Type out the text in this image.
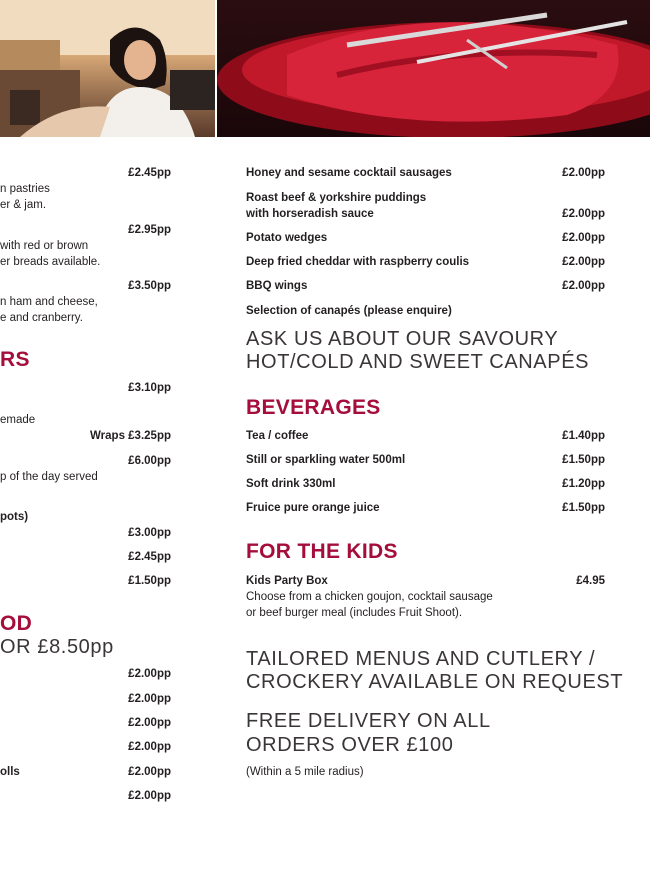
£2.45pp
n pastries
er & jam.
£2.95pp
with red or brown
er breads available.
£3.50pp
n ham and cheese,
e and cranberry.
RS
£3.10pp
emade
Wraps £3.25pp
£6.00pp
p of the day served
pots)
£3.00pp
£2.45pp
£1.50pp
OD
OR £8.50pp
£2.00pp
£2.00pp
£2.00pp
£2.00pp
olls	£2.00pp
£2.00pp
Honey and sesame cocktail sausages	£2.00pp
Roast beef & yorkshire puddings
with horseradish sauce	£2.00pp
Potato wedges	£2.00pp
Deep fried cheddar with raspberry coulis	£2.00pp
BBQ wings	£2.00pp
Selection of canapés (please enquire)
ASK US ABOUT OUR SAVOURY
HOT/COLD AND SWEET CANAPÉS
BEVERAGES
Tea / coffee	£1.40pp
Still or sparkling water 500ml	£1.50pp
Soft drink 330ml	£1.20pp
Fruice pure orange juice	£1.50pp
FOR THE KIDS
Kids Party Box	£4.95
Choose from a chicken goujon, cocktail sausage
or beef burger meal (includes Fruit Shoot).
TAILORED MENUS AND CUTLERY /
CROCKERY AVAILABLE ON REQUEST
FREE DELIVERY ON ALL
ORDERS OVER £100
(Within a 5 mile radius)
